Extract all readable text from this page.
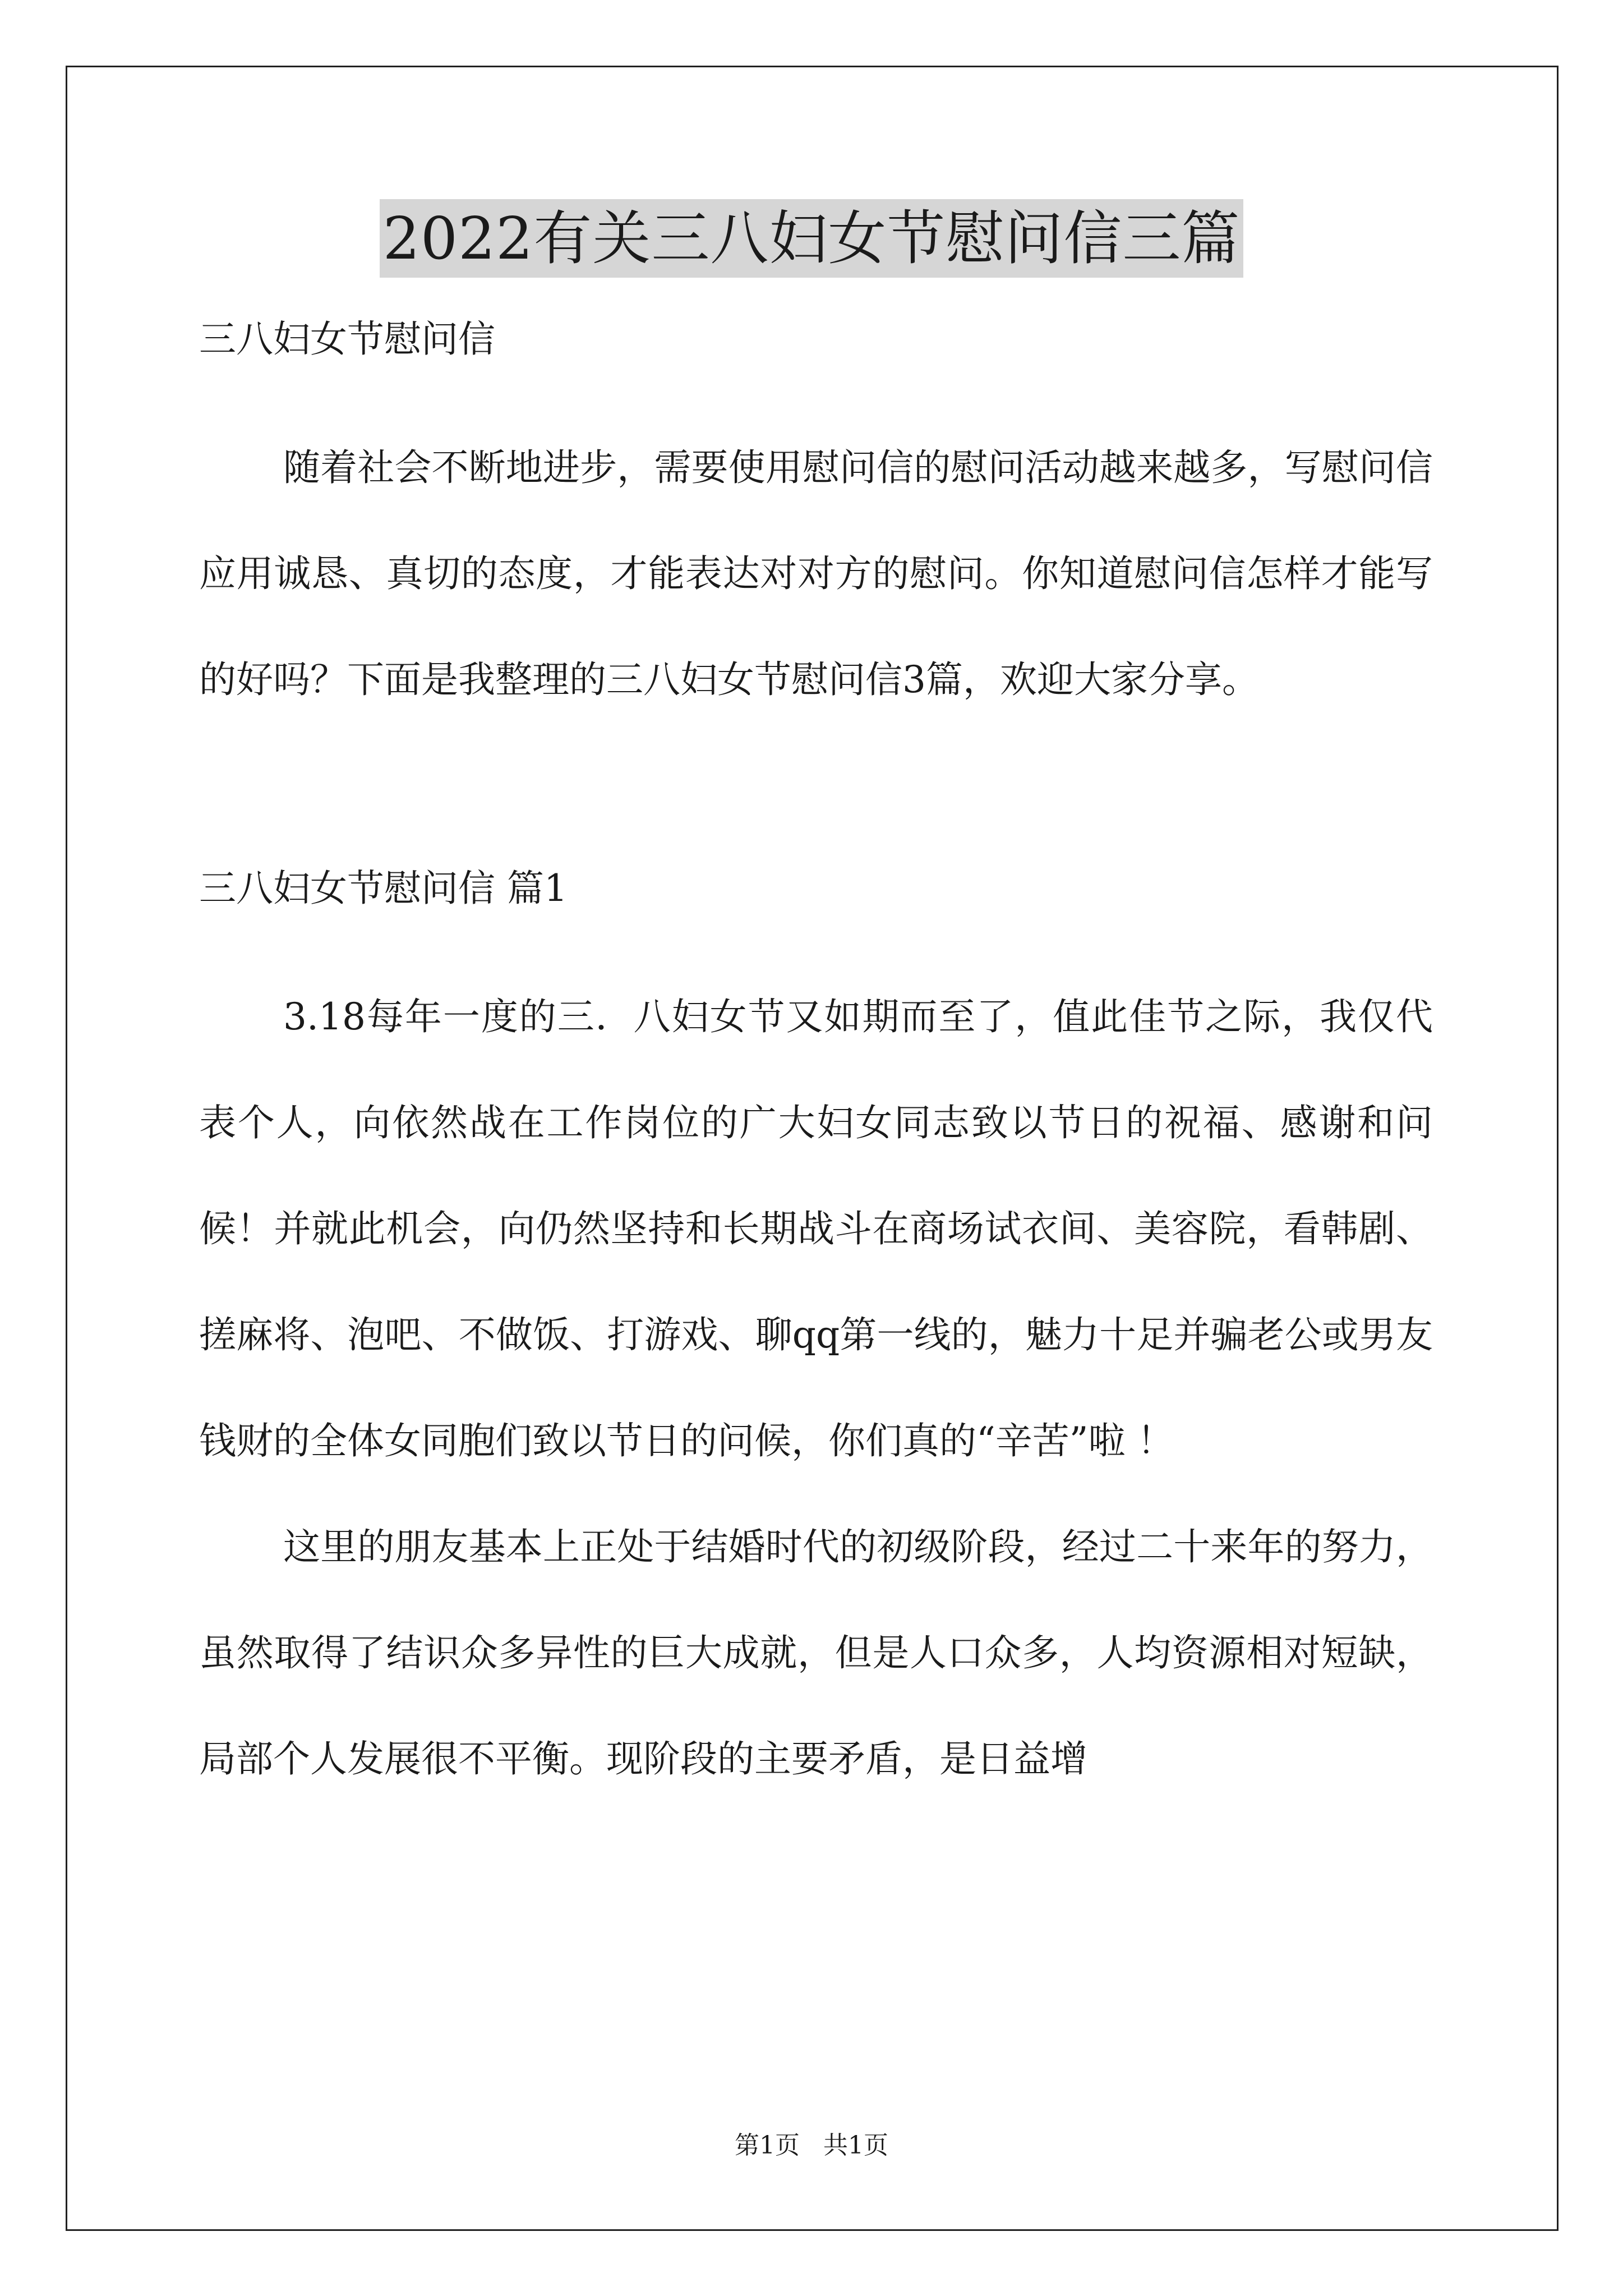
2022有关三八妇女节慰问信三篇

三八妇女节慰问信

随着社会不断地进步，需要使用慰问信的慰问活动越来越多，写慰问信应用诚恳、真切的态度，才能表达对对方的慰问。你知道慰问信怎样才能写的好吗？下面是我整理的三八妇女节慰问信3篇，欢迎大家分享。

三八妇女节慰问信 篇1

3.18每年一度的三．八妇女节又如期而至了，值此佳节之际，我仅代表个人，向依然战在工作岗位的广大妇女同志致以节日的祝福、感谢和问候！并就此机会，向仍然坚持和长期战斗在商场试衣间、美容院，看韩剧、搓麻将、泡吧、不做饭、打游戏、聊qq第一线的，魅力十足并骗老公或男友钱财的全体女同胞们致以节日的问候，你们真的“辛苦”啦 ！

这里的朋友基本上正处于结婚时代的初级阶段，经过二十来年的努力，虽然取得了结识众多异性的巨大成就，但是人口众多，人均资源相对短缺，局部个人发展很不平衡。现阶段的主要矛盾，是日益增

第1页   共1页
